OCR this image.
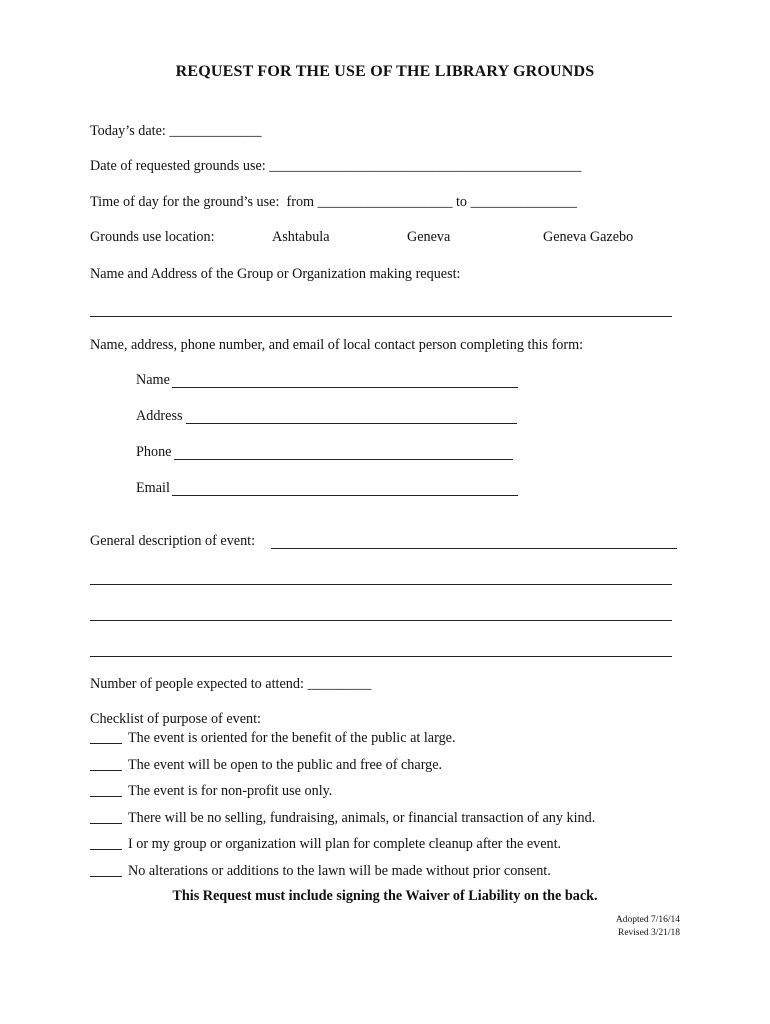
REQUEST FOR THE USE OF THE LIBRARY GROUNDS
Today’s date: _____________
Date of requested grounds use: ____________________________________________
Time of day for the ground’s use:  from ___________________ to _______________
Grounds use location:	Ashtabula	Geneva	Geneva Gazebo
Name and Address of the Group or Organization making request:
Name, address, phone number, and email of local contact person completing this form:
Name
Address
Phone
Email
General description of event:
Number of people expected to attend: _________
Checklist of purpose of event:
The event is oriented for the benefit of the public at large.
The event will be open to the public and free of charge.
The event is for non-profit use only.
There will be no selling, fundraising, animals, or financial transaction of any kind.
I or my group or organization will plan for complete cleanup after the event.
No alterations or additions to the lawn will be made without prior consent.
This Request must include signing the Waiver of Liability on the back.
Adopted 7/16/14
Revised 3/21/18
